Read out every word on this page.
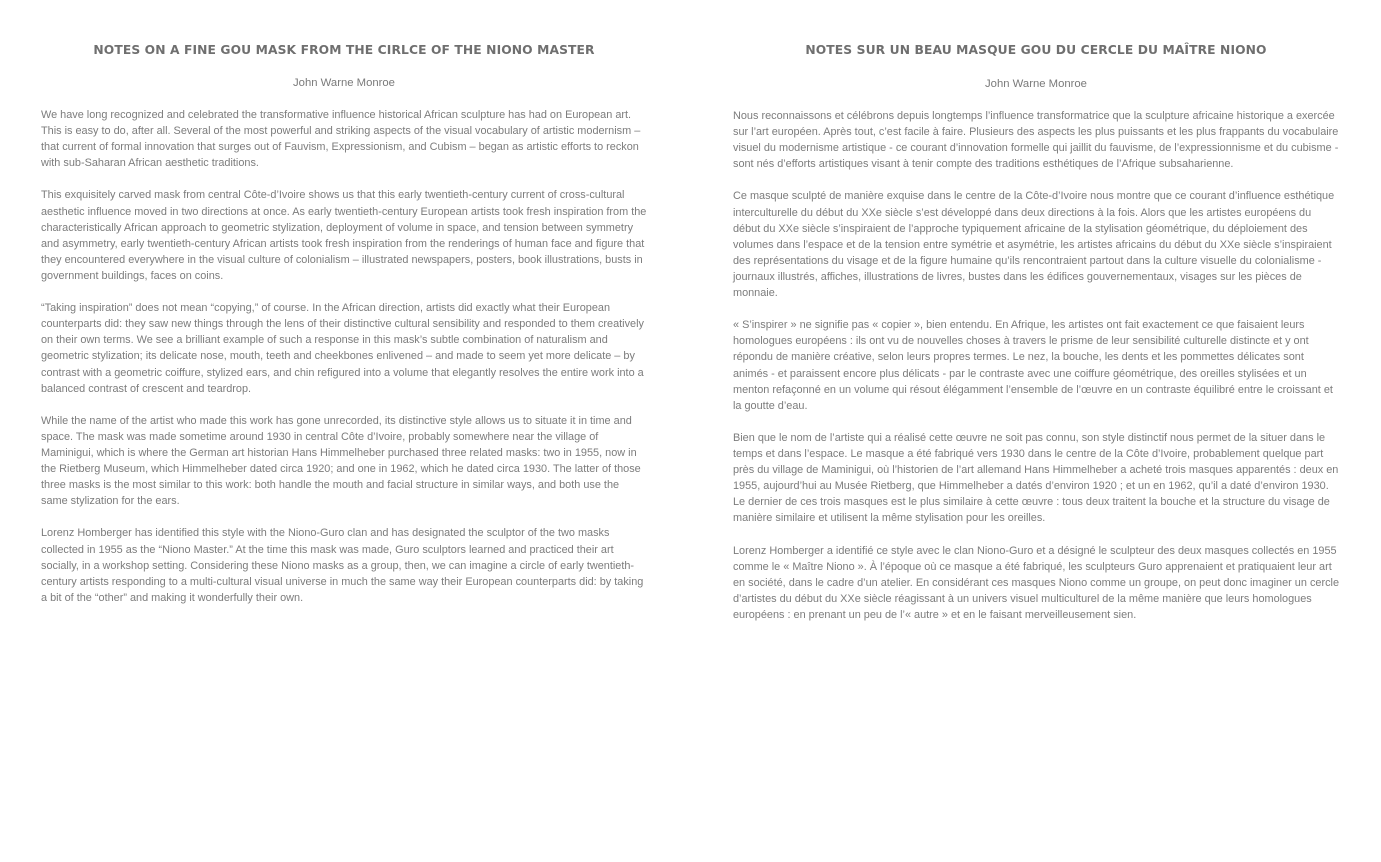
NOTES ON A FINE GOU MASK FROM THE CIRLCE OF THE NIONO MASTER

John Warne Monroe

We have long recognized and celebrated the transformative influence historical African sculpture has had on European art. This is easy to do, after all. Several of the most powerful and striking aspects of the visual vocabulary of artistic modernism – that current of formal innovation that surges out of Fauvism, Expressionism, and Cubism – began as artistic efforts to reckon with sub-Saharan African aesthetic traditions.

This exquisitely carved mask from central Côte-d’Ivoire shows us that this early twentieth-century current of cross-cultural aesthetic influence moved in two directions at once. As early twentieth-century European artists took fresh inspiration from the characteristically African approach to geometric stylization, deployment of volume in space, and tension between symmetry and asymmetry, early twentieth-century African artists took fresh inspiration from the renderings of human face and figure that they encountered everywhere in the visual culture of colonialism – illustrated newspapers, posters, book illustrations, busts in government buildings, faces on coins.

“Taking inspiration” does not mean “copying,” of course. In the African direction, artists did exactly what their European counterparts did: they saw new things through the lens of their distinctive cultural sensibility and responded to them creatively on their own terms. We see a brilliant example of such a response in this mask’s subtle combination of naturalism and geometric stylization; its delicate nose, mouth, teeth and cheekbones enlivened – and made to seem yet more delicate – by contrast with a geometric coiffure, stylized ears, and chin refigured into a volume that elegantly resolves the entire work into a balanced contrast of crescent and teardrop.

While the name of the artist who made this work has gone unrecorded, its distinctive style allows us to situate it in time and space. The mask was made sometime around 1930 in central Côte d’Ivoire, probably somewhere near the village of Maminigui, which is where the German art historian Hans Himmelheber purchased three related masks: two in 1955, now in the Rietberg Museum, which Himmelheber dated circa 1920; and one in 1962, which he dated circa 1930. The latter of those three masks is the most similar to this work: both handle the mouth and facial structure in similar ways, and both use the same stylization for the ears.

Lorenz Homberger has identified this style with the Niono-Guro clan and has designated the sculptor of the two masks collected in 1955 as the “Niono Master.” At the time this mask was made, Guro sculptors learned and practiced their art socially, in a workshop setting. Considering these Niono masks as a group, then, we can imagine a circle of early twentieth-century artists responding to a multi-cultural visual universe in much the same way their European counterparts did: by taking a bit of the “other” and making it wonderfully their own.

NOTES SUR UN BEAU MASQUE GOU DU CERCLE DU MAÎTRE NIONO

John Warne Monroe

Nous reconnaissons et célébrons depuis longtemps l’influence transformatrice que la sculpture africaine historique a exercée sur l’art européen. Après tout, c’est facile à faire. Plusieurs des aspects les plus puissants et les plus frappants du vocabulaire visuel du modernisme artistique - ce courant d’innovation formelle qui jaillit du fauvisme, de l’expressionnisme et du cubisme - sont nés d’efforts artistiques visant à tenir compte des traditions esthétiques de l’Afrique subsaharienne.

Ce masque sculpté de manière exquise dans le centre de la Côte-d’Ivoire nous montre que ce courant d’influence esthétique interculturelle du début du XXe siècle s’est développé dans deux directions à la fois. Alors que les artistes européens du début du XXe siècle s’inspiraient de l’approche typiquement africaine de la stylisation géométrique, du déploiement des volumes dans l’espace et de la tension entre symétrie et asymétrie, les artistes africains du début du XXe siècle s’inspiraient des représentations du visage et de la figure humaine qu’ils rencontraient partout dans la culture visuelle du colonialisme - journaux illustrés, affiches, illustrations de livres, bustes dans les édifices gouvernementaux, visages sur les pièces de monnaie.

« S’inspirer » ne signifie pas « copier », bien entendu. En Afrique, les artistes ont fait exactement ce que faisaient leurs homologues européens : ils ont vu de nouvelles choses à travers le prisme de leur sensibilité culturelle distincte et y ont répondu de manière créative, selon leurs propres termes. Le nez, la bouche, les dents et les pommettes délicates sont animés - et paraissent encore plus délicats - par le contraste avec une coiffure géométrique, des oreilles stylisées et un menton refaçonné en un volume qui résout élégamment l’ensemble de l’œuvre en un contraste équilibré entre le croissant et la goutte d’eau.

Bien que le nom de l’artiste qui a réalisé cette œuvre ne soit pas connu, son style distinctif nous permet de la situer dans le temps et dans l’espace. Le masque a été fabriqué vers 1930 dans le centre de la Côte d’Ivoire, probablement quelque part près du village de Maminigui, où l’historien de l’art allemand Hans Himmelheber a acheté trois masques apparentés : deux en 1955, aujourd’hui au Musée Rietberg, que Himmelheber a datés d’environ 1920 ; et un en 1962, qu’il a daté d’environ 1930. Le dernier de ces trois masques est le plus similaire à cette œuvre : tous deux traitent la bouche et la structure du visage de manière similaire et utilisent la même stylisation pour les oreilles.

Lorenz Homberger a identifié ce style avec le clan Niono-Guro et a désigné le sculpteur des deux masques collectés en 1955 comme le « Maître Niono ». À l’époque où ce masque a été fabriqué, les sculpteurs Guro apprenaient et pratiquaient leur art en société, dans le cadre d’un atelier. En considérant ces masques Niono comme un groupe, on peut donc imaginer un cercle d’artistes du début du XXe siècle réagissant à un univers visuel multiculturel de la même manière que leurs homologues européens : en prenant un peu de l’« autre » et en le faisant merveilleusement sien.
